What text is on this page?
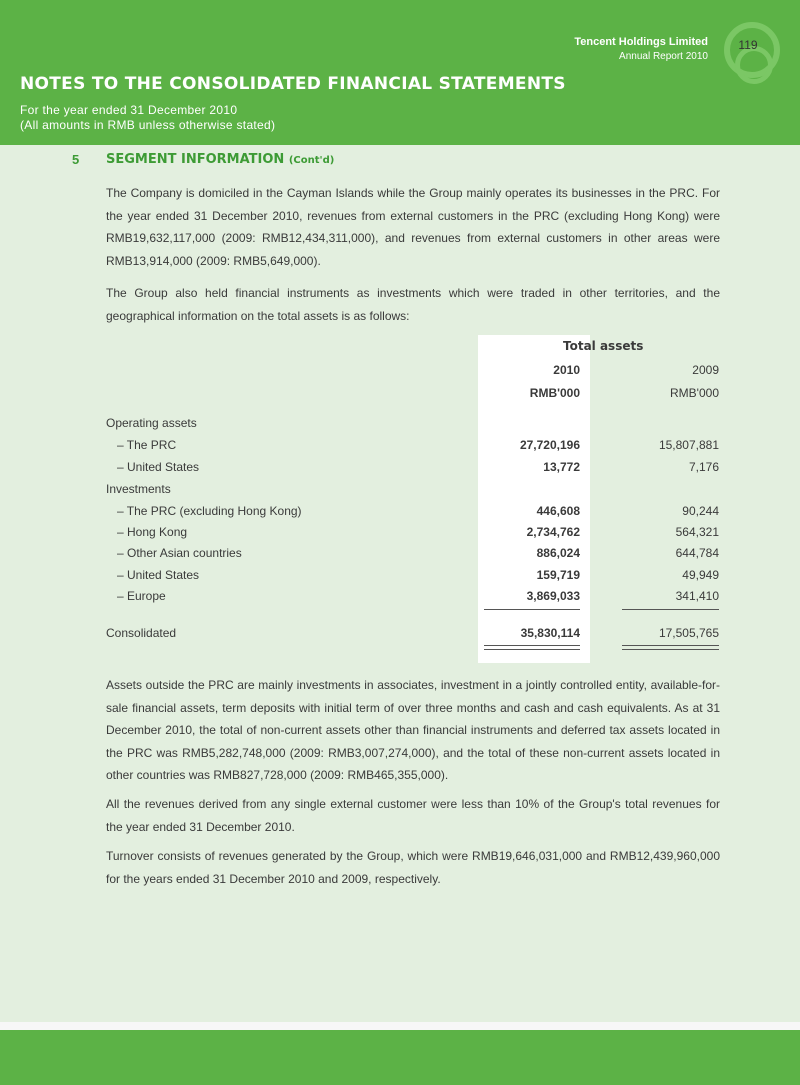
119
Tencent Holdings Limited
Annual Report 2010
NOTES TO THE CONSOLIDATED FINANCIAL STATEMENTS
For the year ended 31 December 2010
(All amounts in RMB unless otherwise stated)
5 SEGMENT INFORMATION (Cont'd)
The Company is domiciled in the Cayman Islands while the Group mainly operates its businesses in the PRC. For the year ended 31 December 2010, revenues from external customers in the PRC (excluding Hong Kong) were RMB19,632,117,000 (2009: RMB12,434,311,000), and revenues from external customers in other areas were RMB13,914,000 (2009: RMB5,649,000).
The Group also held financial instruments as investments which were traded in other territories, and the geographical information on the total assets is as follows:
Total assets
2010	2009
RMB'000	RMB'000
Operating assets
– The PRC	27,720,196	15,807,881
– United States	13,772	7,176
Investments
– The PRC (excluding Hong Kong)	446,608	90,244
– Hong Kong	2,734,762	564,321
– Other Asian countries	886,024	644,784
– United States	159,719	49,949
– Europe	3,869,033	341,410
Consolidated	35,830,114	17,505,765
Assets outside the PRC are mainly investments in associates, investment in a jointly controlled entity, available-for-sale financial assets, term deposits with initial term of over three months and cash and cash equivalents. As at 31 December 2010, the total of non-current assets other than financial instruments and deferred tax assets located in the PRC was RMB5,282,748,000 (2009: RMB3,007,274,000), and the total of these non-current assets located in other countries was RMB827,728,000 (2009: RMB465,355,000).
All the revenues derived from any single external customer were less than 10% of the Group's total revenues for the year ended 31 December 2010.
Turnover consists of revenues generated by the Group, which were RMB19,646,031,000 and RMB12,439,960,000 for the years ended 31 December 2010 and 2009, respectively.
